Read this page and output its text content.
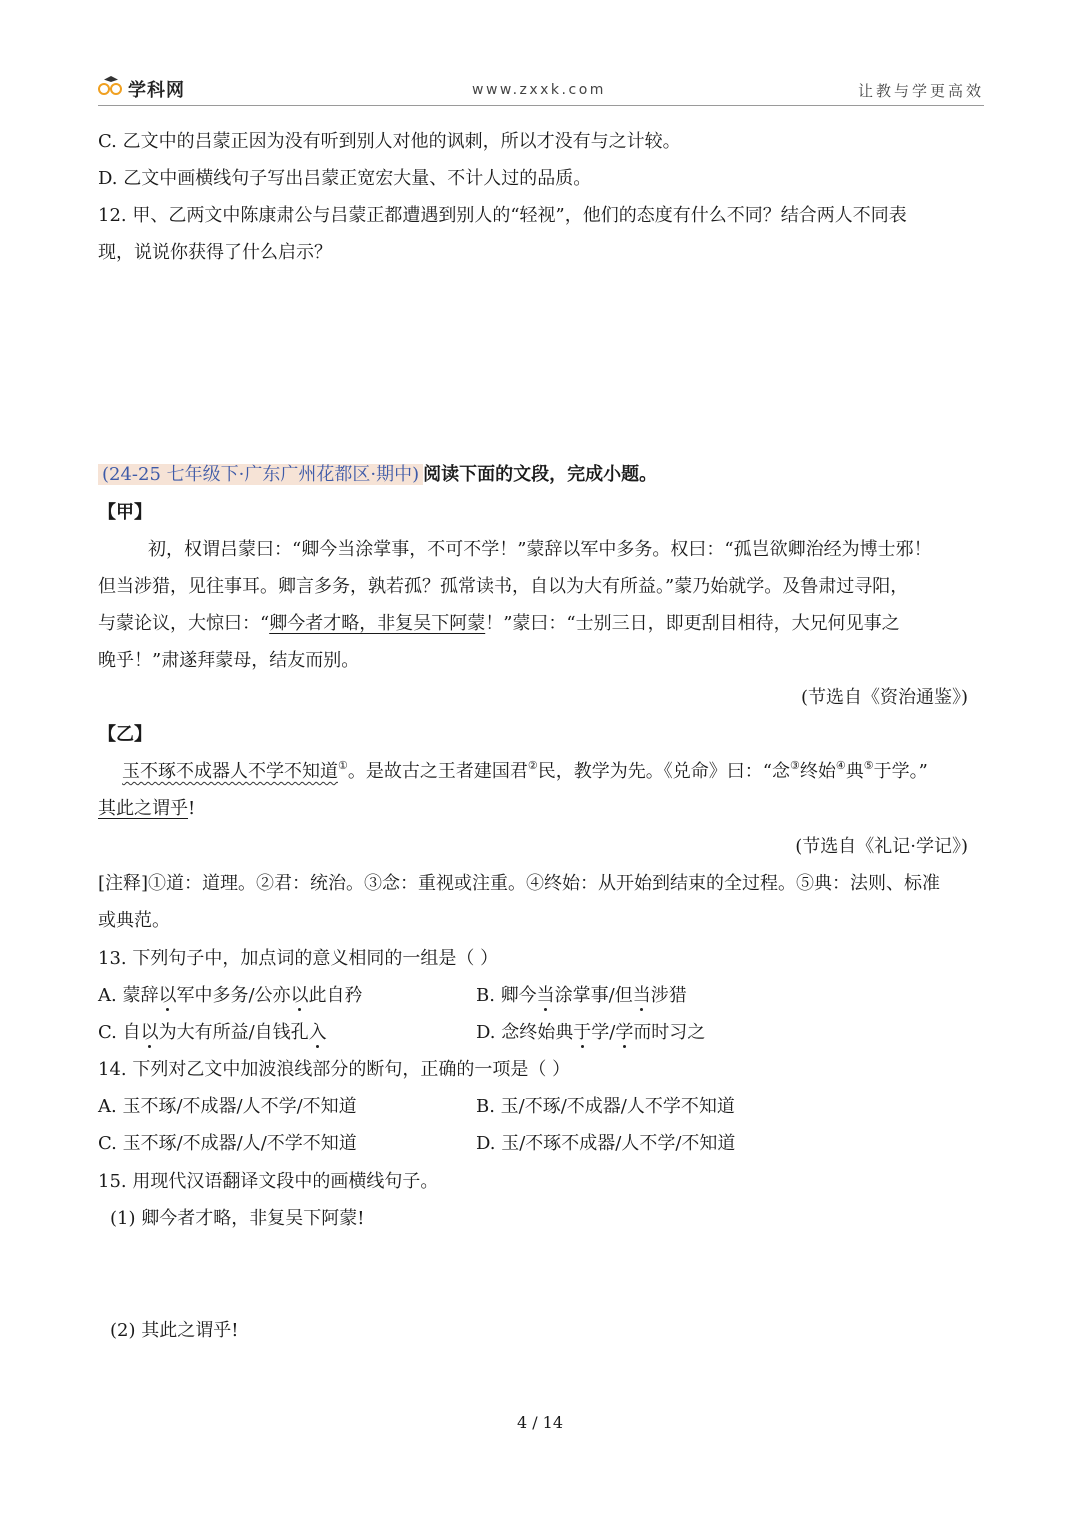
学科网	www.zxxk.com	让教与学更高效
C. 乙文中的吕蒙正因为没有听到别人对他的讽刺，所以才没有与之计较。
D. 乙文中画横线句子写出吕蒙正宽宏大量、不计人过的品质。
12. 甲、乙两文中陈康肃公与吕蒙正都遭遇到别人的“轻视”，他们的态度有什么不同？结合两人不同表
现，说说你获得了什么启示？
(24-25 七年级下·广东广州花都区·期中) 阅读下面的文段，完成小题。
【甲】
初，权谓吕蒙曰：“卿今当涂掌事，不可不学！”蒙辞以军中多务。权曰：“孤岂欲卿治经为博士邪！
但当涉猎，见往事耳。卿言多务，孰若孤？孤常读书，自以为大有所益。”蒙乃始就学。及鲁肃过寻阳，
与蒙论议，大惊曰：“卿今者才略，非复吴下阿蒙！”蒙曰：“士别三日，即更刮目相待，大兄何见事之
晚乎！”肃遂拜蒙母，结友而别。
(节选自《资治通鉴》)
【乙】
玉不琢不成器人不学不知道①。是故古之王者建国君②民，教学为先。《兑命》曰：“念③终始④典⑤于学。”
其此之谓乎!
(节选自《礼记·学记》)
[注释]①道：道理。②君：统治。③念：重视或注重。④终始：从开始到结束的全过程。⑤典：法则、标准
或典范。
13. 下列句子中，加点词的意义相同的一组是（ ）
A. 蒙辞以军中多务/公亦以此自矜	B. 卿今当涂掌事/但当涉猎
C. 自以为大有所益/自钱孔入	D. 念终始典于学/学而时习之
14. 下列对乙文中加波浪线部分的断句，正确的一项是（ ）
A. 玉不琢/不成器/人不学/不知道	B. 玉/不琢/不成器/人不学不知道
C. 玉不琢/不成器/人/不学不知道	D. 玉/不琢不成器/人不学/不知道
15. 用现代汉语翻译文段中的画横线句子。
(1) 卿今者才略，非复吴下阿蒙!
(2) 其此之谓乎!
4 / 14
